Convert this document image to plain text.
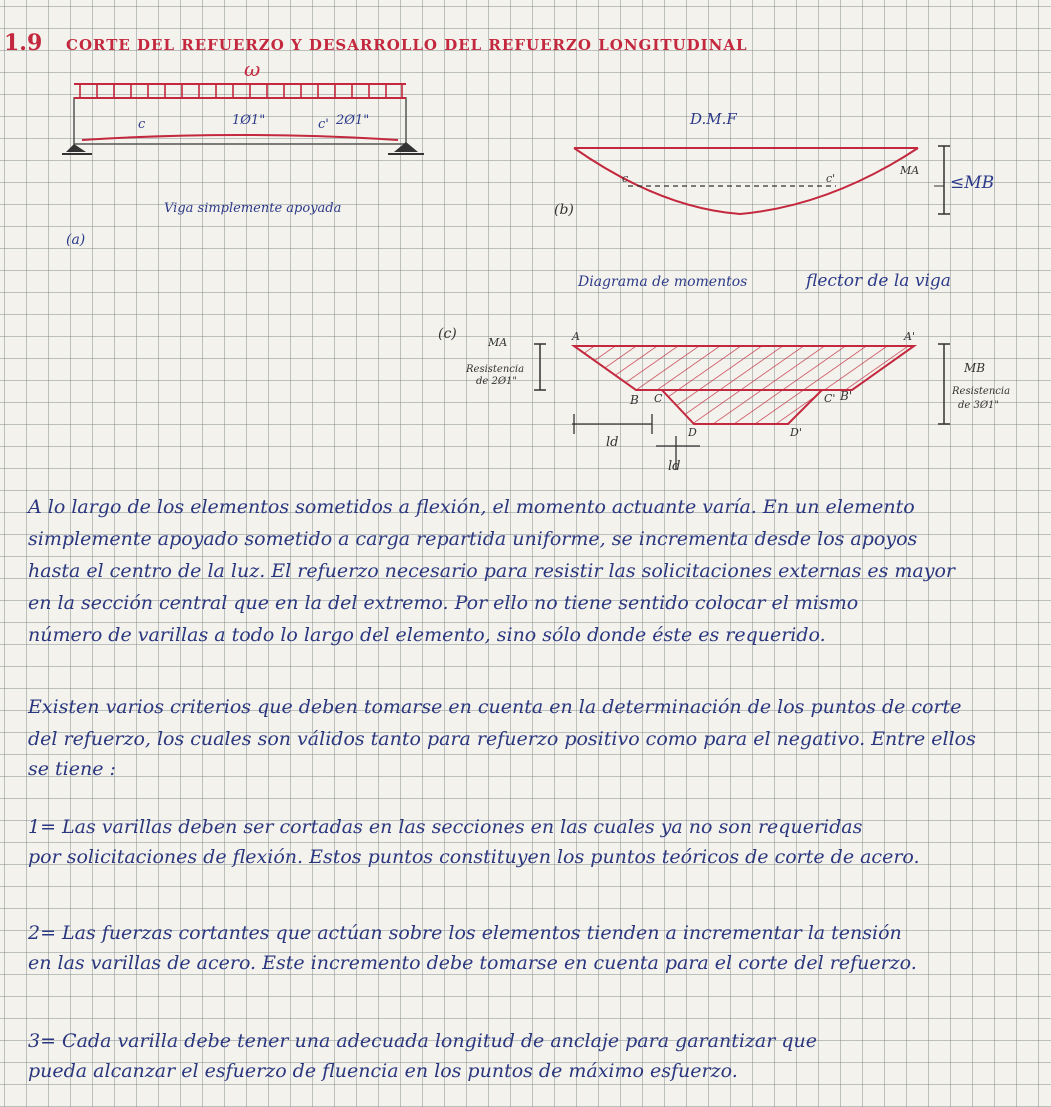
1.9 CORTE DEL REFUERZO Y DESARROLLO DEL REFUERZO LONGITUDINAL
ω
c	c'
1Ø1"	2Ø1"
Viga simplemente apoyada
(a)
D.M.F
c	c'
MA
≤MB
(b)
Diagrama de momentos	flector de la viga
(c)	A	A'
B C	C' B'
D	D'
MA
Resistencia
de 2Ø1"
MB
Resistencia
de 3Ø1"
ld
ld
A lo largo de los elementos sometidos a flexión, el momento actuante varía. En un elemento
simplemente apoyado sometido a carga repartida uniforme, se incrementa desde los apoyos
hasta el centro de la luz. El refuerzo necesario para resistir las solicitaciones externas es mayor
en la sección central que en la del extremo. Por ello no tiene sentido colocar el mismo
número de varillas a todo lo largo del elemento, sino sólo donde éste es requerido.
Existen varios criterios que deben tomarse en cuenta en la determinación de los puntos de corte
del refuerzo, los cuales son válidos tanto para refuerzo positivo como para el negativo. Entre ellos
se tiene :
1= Las varillas deben ser cortadas en las secciones en las cuales ya no son requeridas
por solicitaciones de flexión. Estos puntos constituyen los puntos teóricos de corte de acero.
2= Las fuerzas cortantes que actúan sobre los elementos tienden a incrementar la tensión
en las varillas de acero. Este incremento debe tomarse en cuenta para el corte del refuerzo.
3= Cada varilla debe tener una adecuada longitud de anclaje para garantizar que
pueda alcanzar el esfuerzo de fluencia en los puntos de máximo esfuerzo.
